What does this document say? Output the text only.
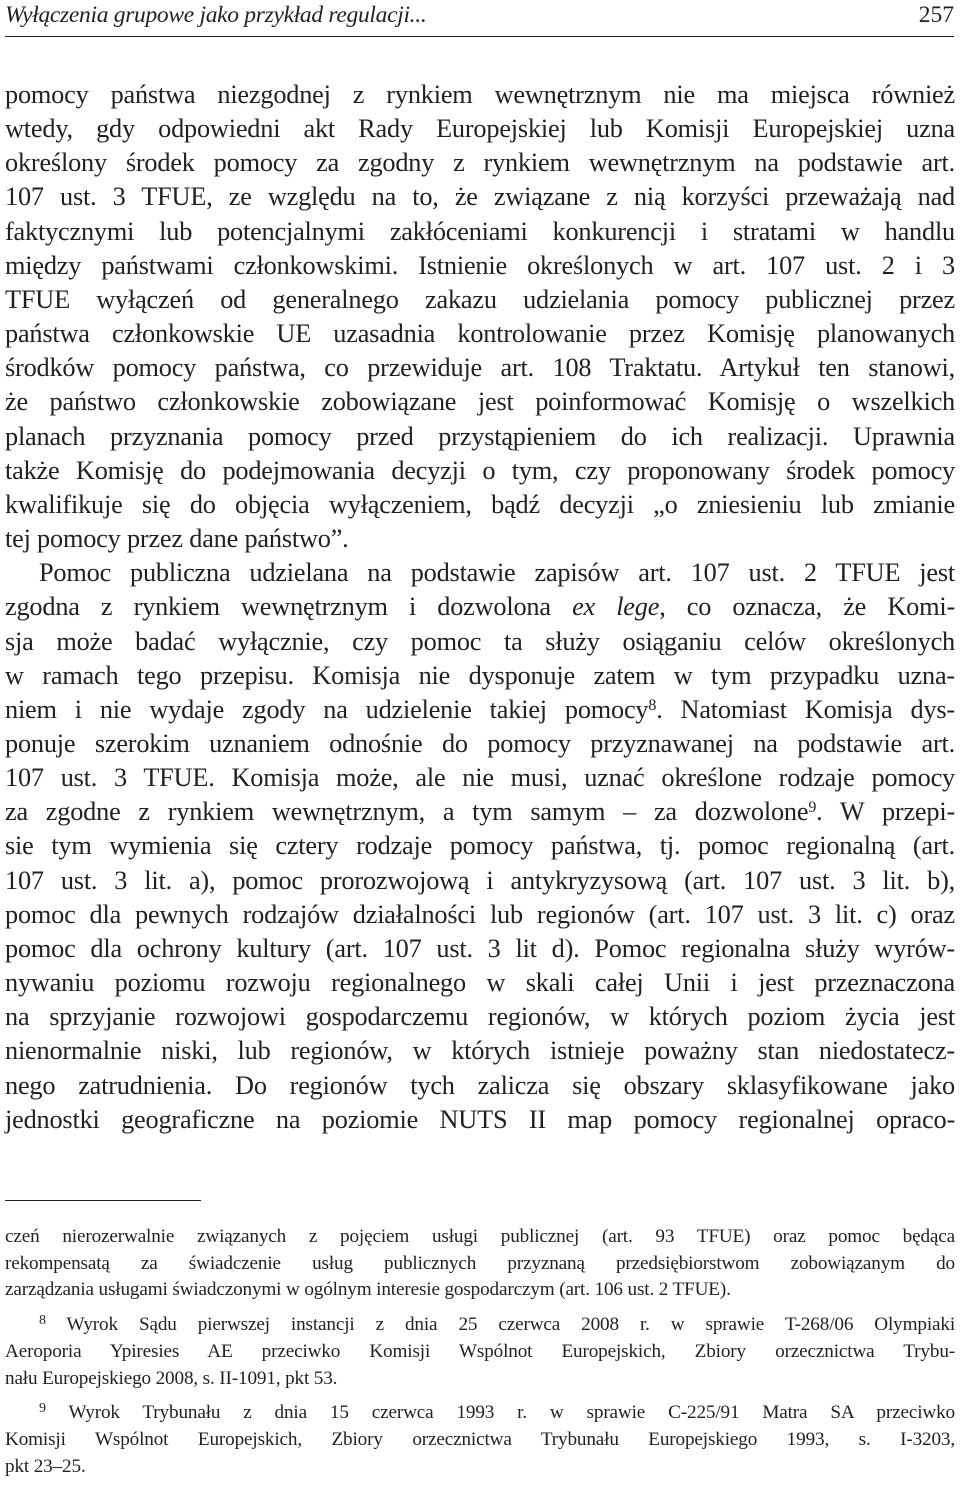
Wyłączenia grupowe jako przykład regulacji...	257

pomocy państwa niezgodnej z rynkiem wewnętrznym nie ma miejsca również

wtedy, gdy odpowiedni akt Rady Europejskiej lub Komisji Europejskiej uzna

określony środek pomocy za zgodny z rynkiem wewnętrznym na podstawie art.

107 ust. 3 TFUE, ze względu na to, że związane z nią korzyści przeważają nad

faktycznymi lub potencjalnymi zakłóceniami konkurencji i stratami w handlu

między państwami członkowskimi. Istnienie określonych w art. 107 ust. 2 i 3

TFUE wyłączeń od generalnego zakazu udzielania pomocy publicznej przez

państwa członkowskie UE uzasadnia kontrolowanie przez Komisję planowanych

środków pomocy państwa, co przewiduje art. 108 Traktatu. Artykuł ten stanowi,

że państwo członkowskie zobowiązane jest poinformować Komisję o wszelkich

planach przyznania pomocy przed przystąpieniem do ich realizacji. Uprawnia

także Komisję do podejmowania decyzji o tym, czy proponowany środek pomocy

kwalifikuje się do objęcia wyłączeniem, bądź decyzji „o zniesieniu lub zmianie

tej pomocy przez dane państwo”.

Pomoc publiczna udzielana na podstawie zapisów art. 107 ust. 2 TFUE jest

zgodna z rynkiem wewnętrznym i dozwolona ex lege, co oznacza, że Komi-

sja może badać wyłącznie, czy pomoc ta służy osiąganiu celów określonych

w ramach tego przepisu. Komisja nie dysponuje zatem w tym przypadku uzna-

niem i nie wydaje zgody na udzielenie takiej pomocy$^8$. Natomiast Komisja dys-

ponuje szerokim uznaniem odnośnie do pomocy przyznawanej na podstawie art.

107 ust. 3 TFUE. Komisja może, ale nie musi, uznać określone rodzaje pomocy

za zgodne z rynkiem wewnętrznym, a tym samym – za dozwolone$^9$. W przepi-

sie tym wymienia się cztery rodzaje pomocy państwa, tj. pomoc regionalną (art.

107 ust. 3 lit. a), pomoc prorozwojową i antykryzysową (art. 107 ust. 3 lit. b),

pomoc dla pewnych rodzajów działalności lub regionów (art. 107 ust. 3 lit. c) oraz

pomoc dla ochrony kultury (art. 107 ust. 3 lit d). Pomoc regionalna służy wyrów-

nywaniu poziomu rozwoju regionalnego w skali całej Unii i jest przeznaczona

na sprzyjanie rozwojowi gospodarczemu regionów, w których poziom życia jest

nienormalnie niski, lub regionów, w których istnieje poważny stan niedostatecz-

nego zatrudnienia. Do regionów tych zalicza się obszary sklasyfikowane jako

jednostki geograficzne na poziomie NUTS II map pomocy regionalnej opraco-

czeń nierozerwalnie związanych z pojęciem usługi publicznej (art. 93 TFUE) oraz pomoc będąca

rekompensatą za świadczenie usług publicznych przyznaną przedsiębiorstwom zobowiązanym do

zarządzania usługami świadczonymi w ogólnym interesie gospodarczym (art. 106 ust. 2 TFUE).

$^8$ Wyrok Sądu pierwszej instancji z dnia 25 czerwca 2008 r. w sprawie T-268/06 Olympiaki

Aeroporia Ypiresies AE przeciwko Komisji Wspólnot Europejskich, Zbiory orzecznictwa Trybu-

nału Europejskiego 2008, s. II-1091, pkt 53.

$^9$ Wyrok Trybunału z dnia 15 czerwca 1993 r. w sprawie C-225/91 Matra SA przeciwko

Komisji Wspólnot Europejskich, Zbiory orzecznictwa Trybunału Europejskiego 1993, s. I-3203,

pkt 23–25.
